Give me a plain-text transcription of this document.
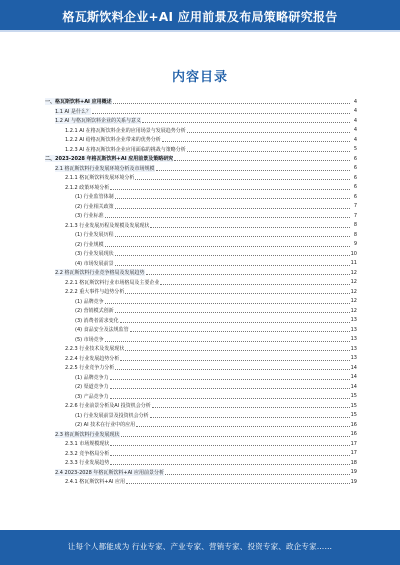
格瓦斯饮料企业+AI 应用前景及布局策略研究报告
内容目录
一、格瓦斯饮料+AI 应用概述	4
1.1 AI 是什么？	4
1.2 AI 与格瓦斯饮料企业的关系与意义	4
1.2.1 AI 在格瓦斯饮料企业的应用场景与发展趋势分析	4
1.2.2 AI 给格瓦斯饮料企业带来的优势分析	4
1.2.3 AI 在格瓦斯饮料企业应用面临的挑战与策略分析	5
二、2023-2028 年格瓦斯饮料+AI 应用前景及策略研究	6
2.1 格瓦斯饮料行业发展环境分析及市场规模	6
2.1.1 格瓦斯饮料发展环境分析	6
2.1.2 政策环境分析	6
(1) 行业监管体制	6
(2) 行业相关政策	7
(3) 行业标准	7
2.1.3 行业发展历程及规模及发展现状	8
(1) 行业发展历程	8
(2) 行业规模	9
(3) 行业发展现状	10
(4) 市场发展前景	11
2.2 格瓦斯饮料行业竞争格局及发展趋势	12
2.2.1 格瓦斯饮料行业市场格局及主要企业	12
2.2.2 重大事件与趋势分析	12
(1) 品牌竞争	12
(2) 营销模式创新	12
(3) 消费者需求变化	13
(4) 食品安全及法规监管	13
(5) 市场竞争	13
2.2.3 行业技术及发展现状	13
2.2.4 行业发展趋势分析	13
2.2.5 行业竞争力分析	14
(1) 品牌竞争力	14
(2) 渠道竞争力	14
(3) 产品竞争力	15
2.2.6 行业前景分析及AI 投资机会分析	15
(1) 行业发展前景及投资机会分析	15
(2) AI 技术在行业中的应用	16
2.3 格瓦斯饮料行业发展现状	16
2.3.1 市场规模现状	17
2.3.2 竞争格局分析	17
2.3.3 行业发展趋势	18
2.4 2023-2028 年格瓦斯饮料+AI 应用前景分析	19
2.4.1 格瓦斯饮料+AI 应用	19
让每个人都能成为 行业专家、产业专家、营销专家、投资专家、政企专家……
